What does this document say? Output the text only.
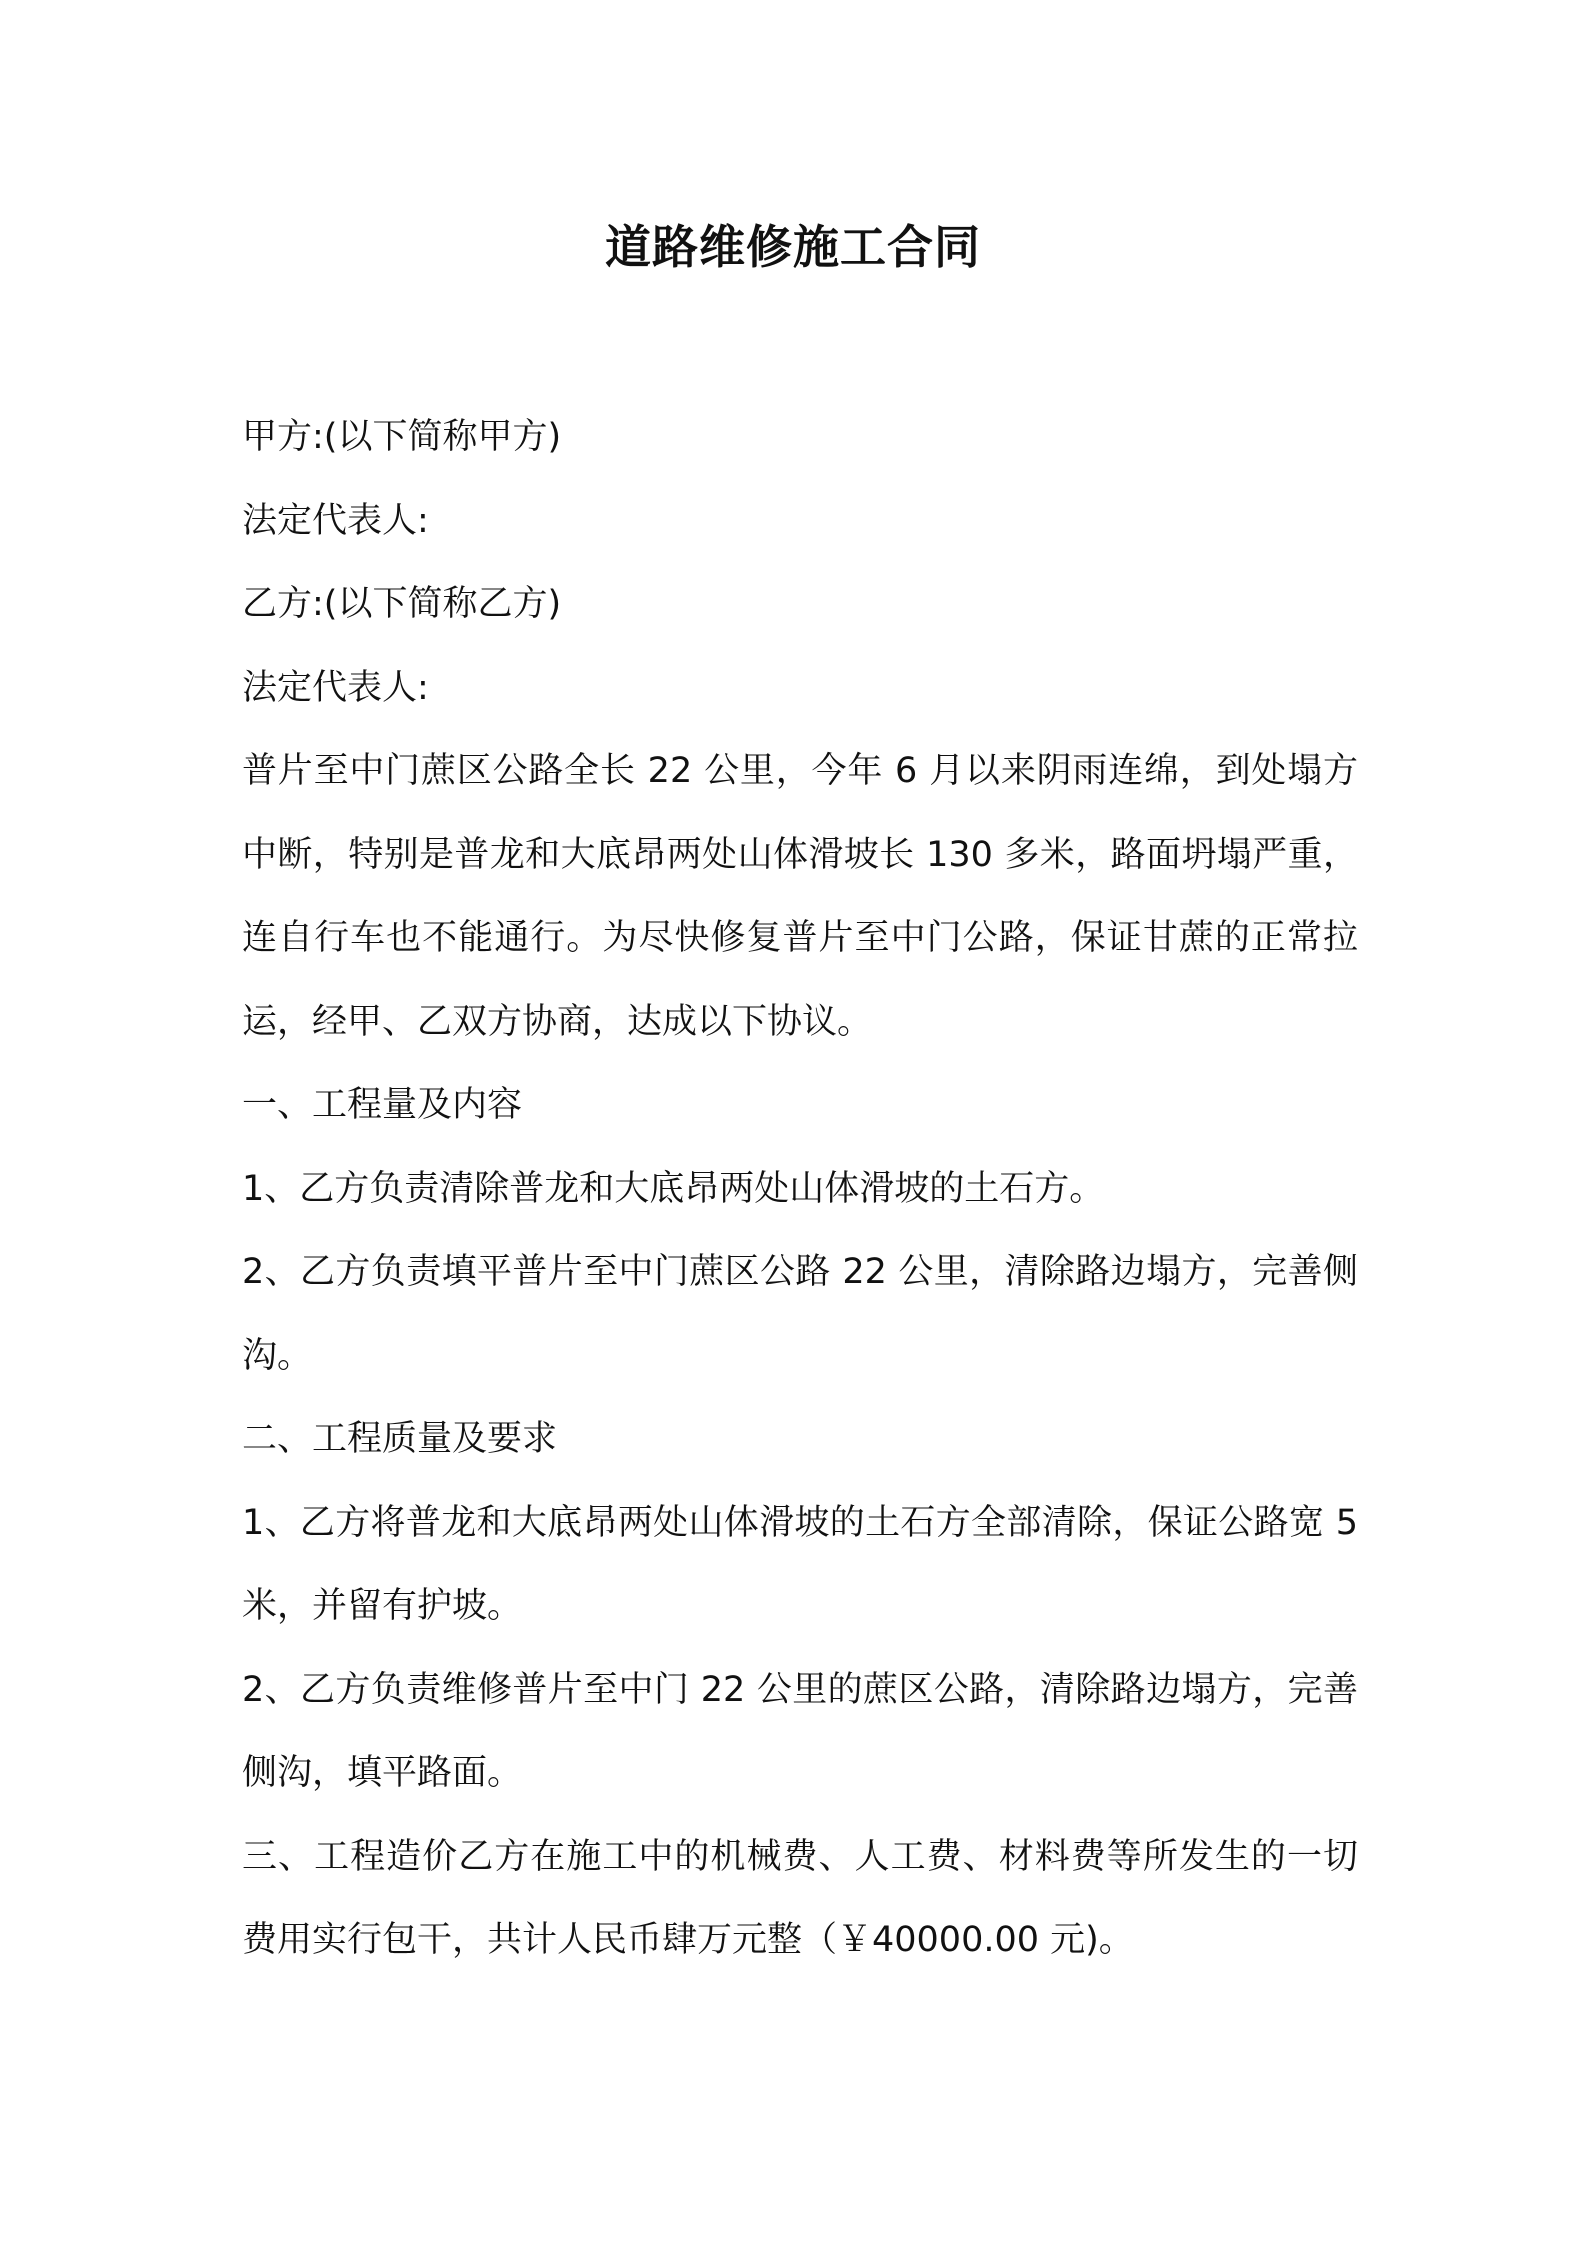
道路维修施工合同

甲方:(以下简称甲方)

法定代表人:

乙方:(以下简称乙方)

法定代表人:

普片至中门蔗区公路全长 22 公里，今年 6 月以来阴雨连绵，到处塌方中断，特别是普龙和大底昂两处山体滑坡长 130 多米，路面坍塌严重，连自行车也不能通行。为尽快修复普片至中门公路，保证甘蔗的正常拉运，经甲、乙双方协商，达成以下协议。

一、工程量及内容

1、乙方负责清除普龙和大底昂两处山体滑坡的土石方。

2、乙方负责填平普片至中门蔗区公路 22 公里，清除路边塌方，完善侧沟。

二、工程质量及要求

1、乙方将普龙和大底昂两处山体滑坡的土石方全部清除，保证公路宽 5 米，并留有护坡。

2、乙方负责维修普片至中门 22 公里的蔗区公路，清除路边塌方，完善侧沟，填平路面。

三、工程造价乙方在施工中的机械费、人工费、材料费等所发生的一切费用实行包干，共计人民币肆万元整（￥40000.00 元)。
